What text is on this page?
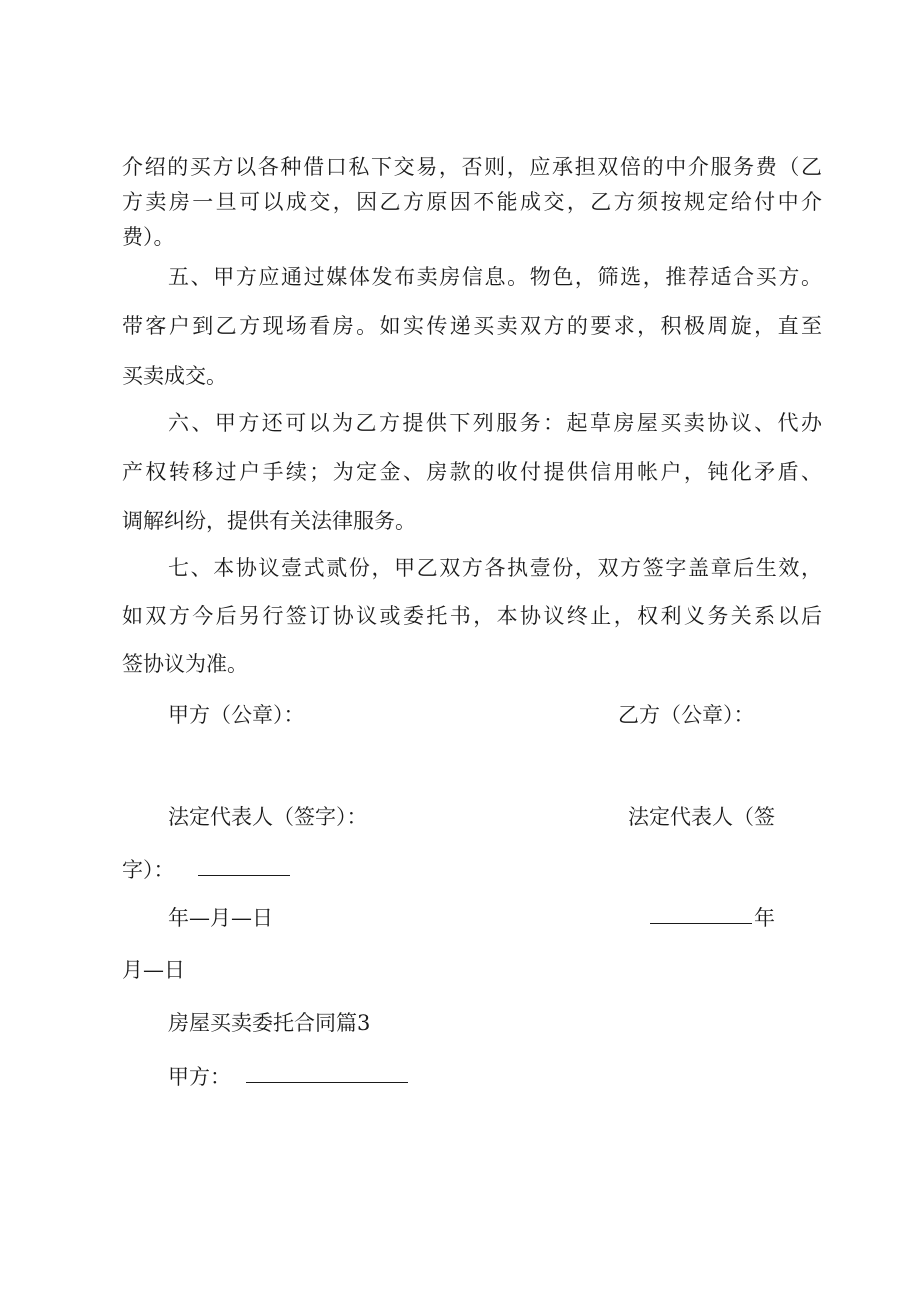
介绍的买方以各种借口私下交易，否则，应承担双倍的中介服务费（乙
方卖房一旦可以成交，因乙方原因不能成交，乙方须按规定给付中介
费）。
五、甲方应通过媒体发布卖房信息。物色，筛选，推荐适合买方。
带客户到乙方现场看房。如实传递买卖双方的要求，积极周旋，直至
买卖成交。
六、甲方还可以为乙方提供下列服务：起草房屋买卖协议、代办
产权转移过户手续；为定金、房款的收付提供信用帐户，钝化矛盾、
调解纠纷，提供有关法律服务。
七、本协议壹式贰份，甲乙双方各执壹份，双方签字盖章后生效，
如双方今后另行签订协议或委托书，本协议终止，权利义务关系以后
签协议为准。
甲方（公章）：	乙方（公章）：
法定代表人（签字）：	法定代表人（签
字）：
年—月—日	年
月—日
房屋买卖委托合同篇3
甲方：
